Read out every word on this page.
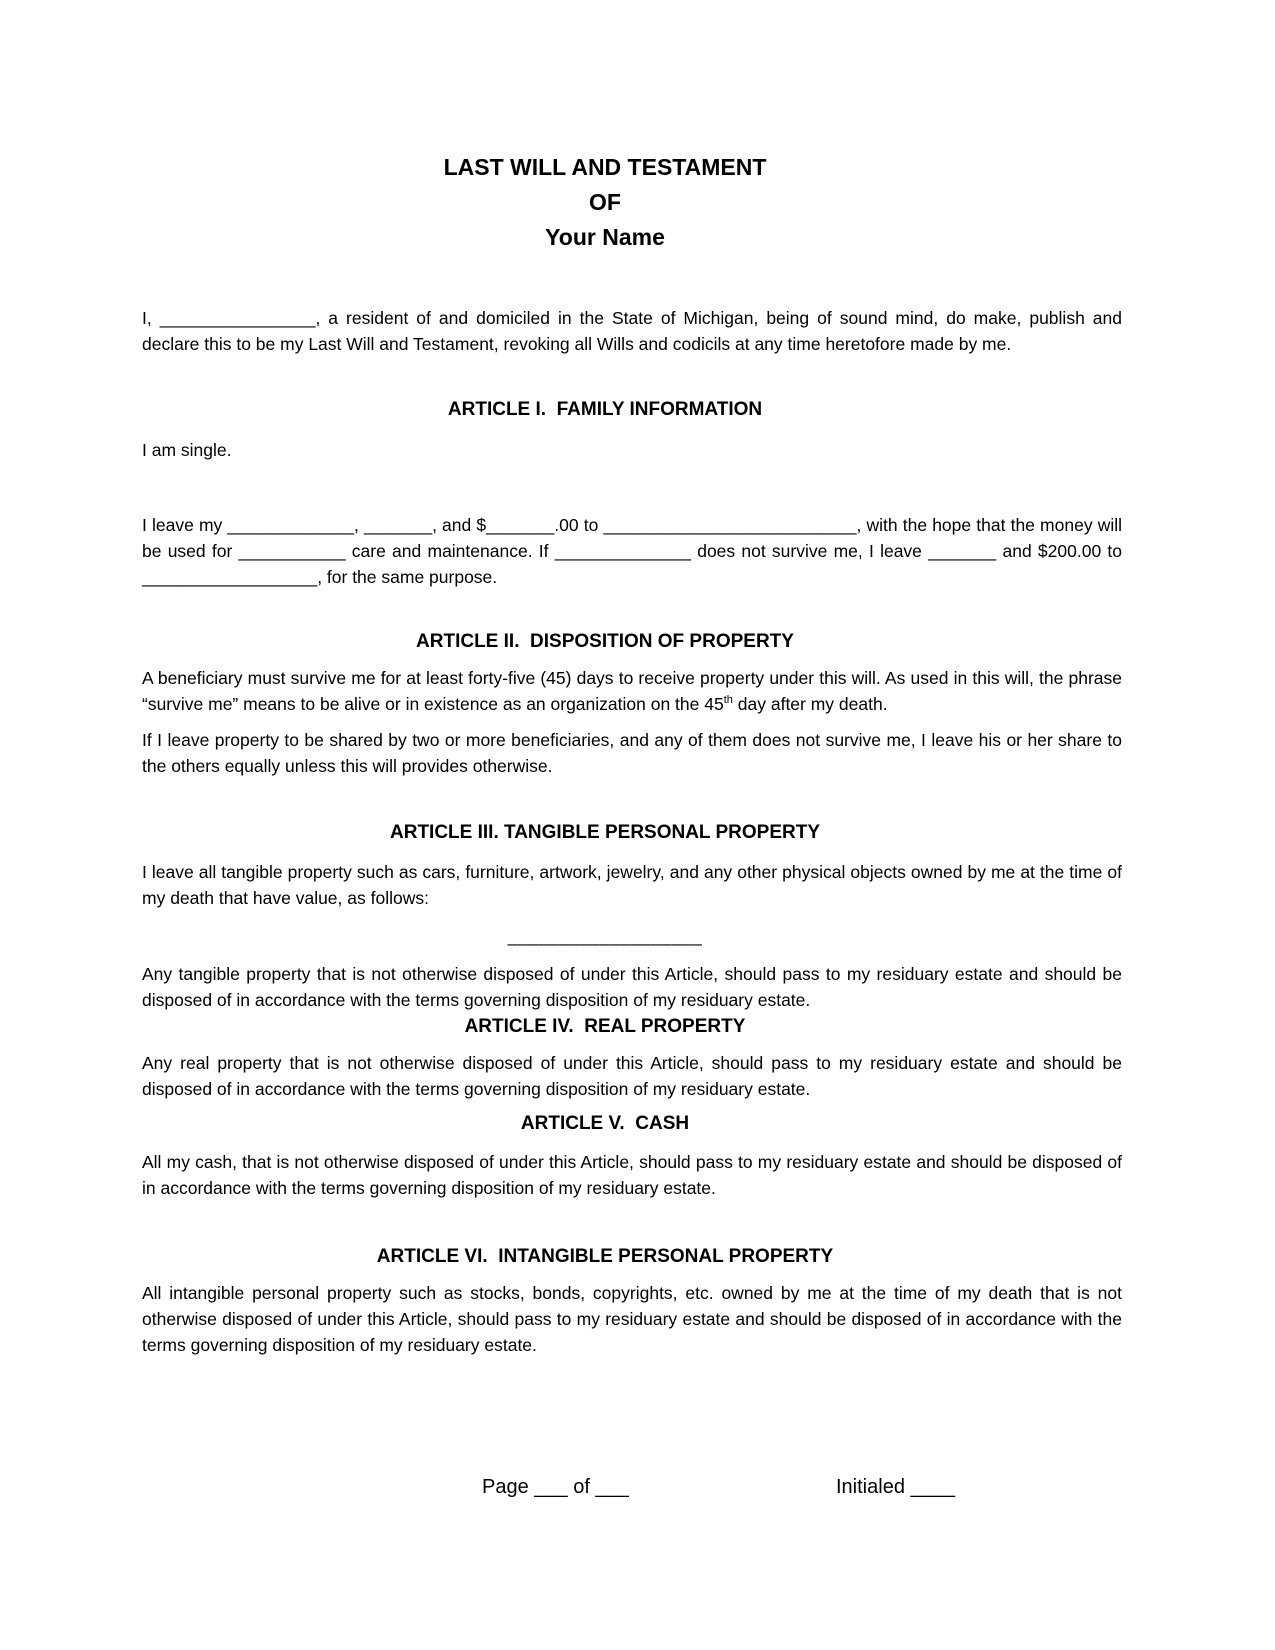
LAST WILL AND TESTAMENT
OF
Your Name

I, ________________, a resident of and domiciled in the State of Michigan, being of sound mind, do make, publish and declare this to be my Last Will and Testament, revoking all Wills and codicils at any time heretofore made by me.

ARTICLE I.  FAMILY INFORMATION

I am single.

I leave my _____________, _______, and $_______.00 to __________________________, with the hope that the money will be used for ___________ care and maintenance. If ______________ does not survive me, I leave _______ and $200.00 to __________________, for the same purpose.

ARTICLE II.  DISPOSITION OF PROPERTY

A beneficiary must survive me for at least forty-five (45) days to receive property under this will. As used in this will, the phrase “survive me” means to be alive or in existence as an organization on the 45th day after my death.

If I leave property to be shared by two or more beneficiaries, and any of them does not survive me, I leave his or her share to the others equally unless this will provides otherwise.

ARTICLE III. TANGIBLE PERSONAL PROPERTY

I leave all tangible property such as cars, furniture, artwork, jewelry, and any other physical objects owned by me at the time of my death that have value, as follows:

___________________

Any tangible property that is not otherwise disposed of under this Article, should pass to my residuary estate and should be disposed of in accordance with the terms governing disposition of my residuary estate.

ARTICLE IV.  REAL PROPERTY

Any real property that is not otherwise disposed of under this Article, should pass to my residuary estate and should be disposed of in accordance with the terms governing disposition of my residuary estate.

ARTICLE V.  CASH

All my cash, that is not otherwise disposed of under this Article, should pass to my residuary estate and should be disposed of in accordance with the terms governing disposition of my residuary estate.

ARTICLE VI.  INTANGIBLE PERSONAL PROPERTY

All intangible personal property such as stocks, bonds, copyrights, etc. owned by me at the time of my death that is not otherwise disposed of under this Article, should pass to my residuary estate and should be disposed of in accordance with the terms governing disposition of my residuary estate.

Page ___ of ___	Initialed ____
